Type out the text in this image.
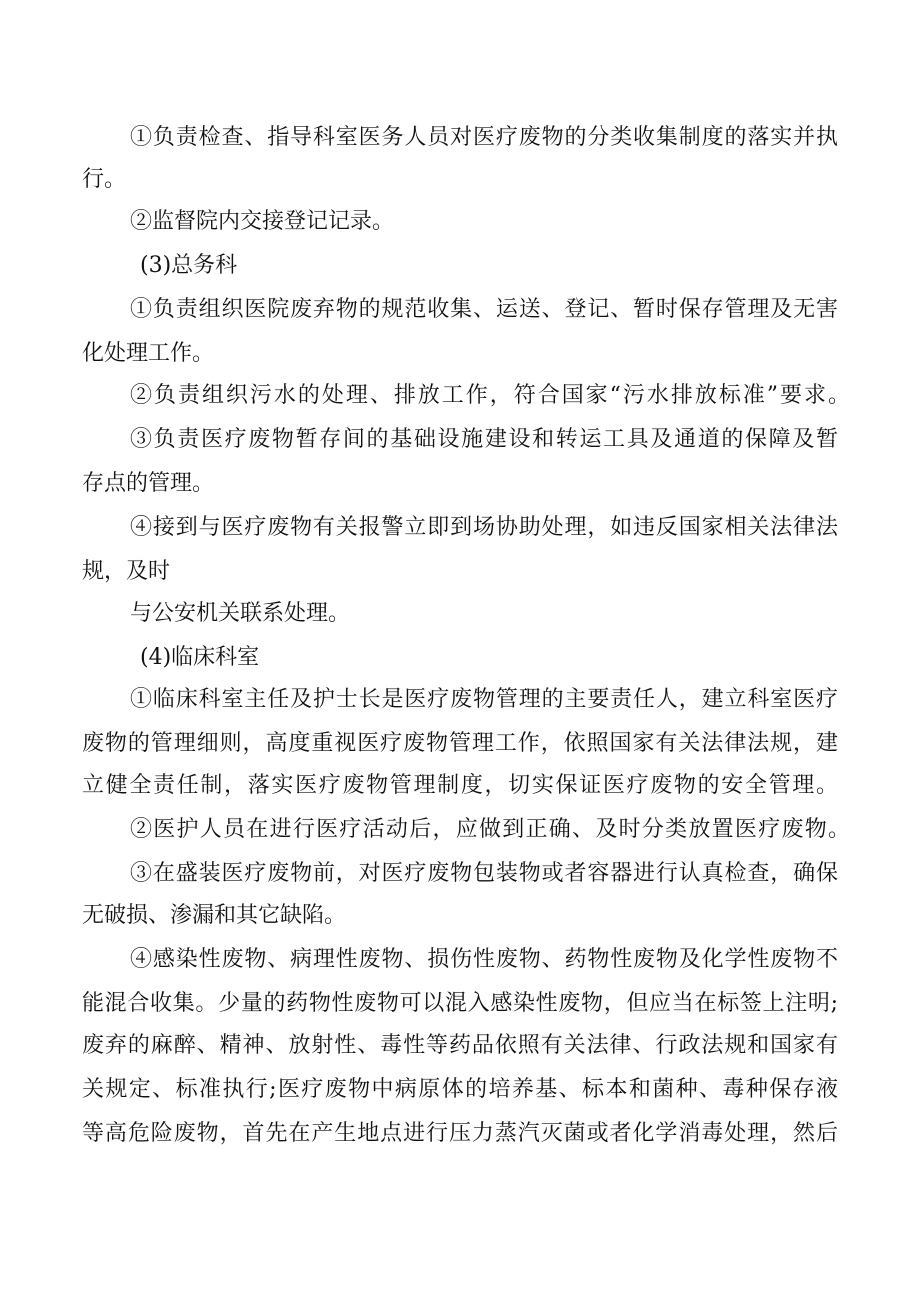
①负责检查、指导科室医务人员对医疗废物的分类收集制度的落实并执
行。
②监督院内交接登记记录。
(3)总务科
①负责组织医院废弃物的规范收集、运送、登记、暂时保存管理及无害
化处理工作。
②负责组织污水的处理、排放工作，符合国家“污水排放标准”要求。
③负责医疗废物暂存间的基础设施建设和转运工具及通道的保障及暂
存点的管理。
④接到与医疗废物有关报警立即到场协助处理，如违反国家相关法律法
规，及时
与公安机关联系处理。
(4)临床科室
①临床科室主任及护士长是医疗废物管理的主要责任人，建立科室医疗
废物的管理细则，高度重视医疗废物管理工作，依照国家有关法律法规，建
立健全责任制，落实医疗废物管理制度，切实保证医疗废物的安全管理。
②医护人员在进行医疗活动后，应做到正确、及时分类放置医疗废物。
③在盛装医疗废物前，对医疗废物包装物或者容器进行认真检查，确保
无破损、渗漏和其它缺陷。
④感染性废物、病理性废物、损伤性废物、药物性废物及化学性废物不
能混合收集。少量的药物性废物可以混入感染性废物，但应当在标签上注明;
废弃的麻醉、精神、放射性、毒性等药品依照有关法律、行政法规和国家有
关规定、标准执行;医疗废物中病原体的培养基、标本和菌种、毒种保存液
等高危险废物，首先在产生地点进行压力蒸汽灭菌或者化学消毒处理，然后
